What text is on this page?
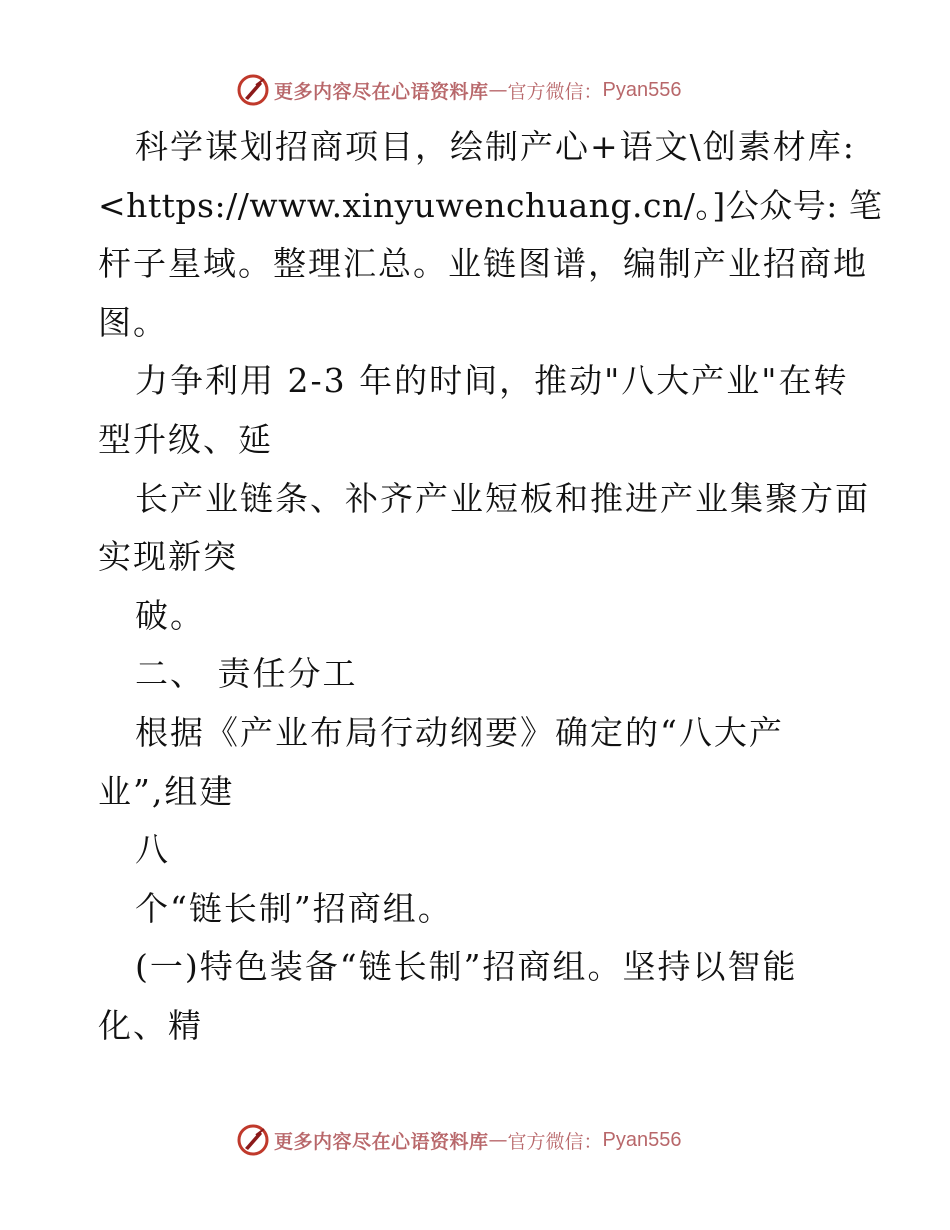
更多内容尽在心语资料库 — 官方微信： Pyan556
科学谋划招商项目，绘制产心+语文\创素材库:
<https://www.xinyuwenchuang.cn/。]公众号: 笔
杆子星域。整理汇总。业链图谱，编制产业招商地
图。
力争利用 2-3 年的时间，推动"八大产业"在转
型升级、延
长产业链条、补齐产业短板和推进产业集聚方面
实现新突
破。
二、 责任分工
根据《产业布局行动纲要》确定的“八大产
业”,组建
八
个“链长制”招商组。
(一)特色装备“链长制”招商组。坚持以智能
化、精
更多内容尽在心语资料库 — 官方微信： Pyan556
